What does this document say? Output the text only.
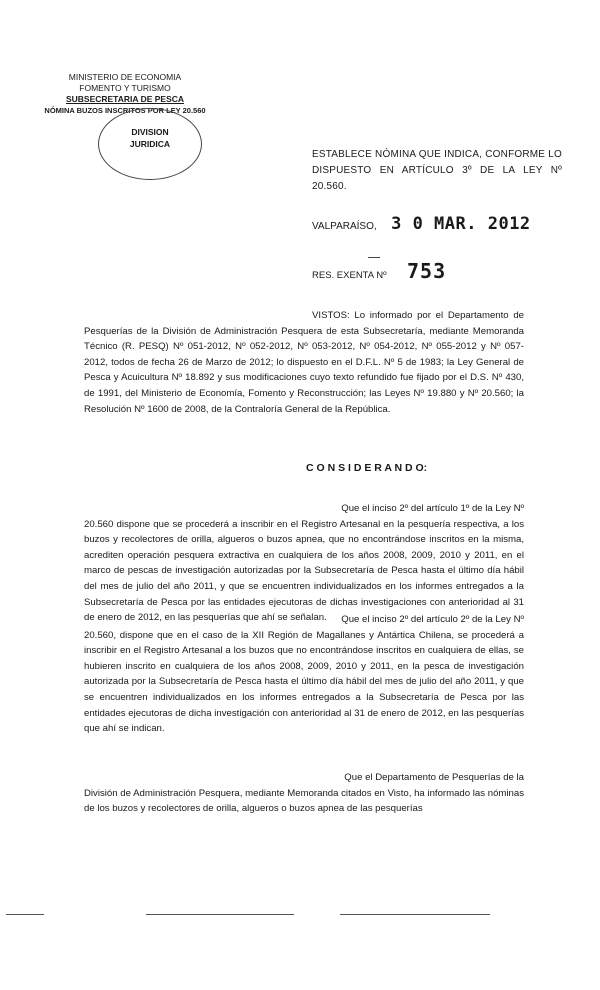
MINISTERIO DE ECONOMIA
FOMENTO Y TURISMO
SUBSECRETARIA DE PESCA
NÓMINA BUZOS INSCRITOS POR LEY 20.560
DIVISION
JURIDICA
ESTABLECE NÓMINA QUE INDICA, CONFORME LO DISPUESTO EN ARTÍCULO 3º DE LA LEY Nº 20.560.
VALPARAÍSO, 3 0 MAR. 2012
RES. EXENTA Nº 753
VISTOS: Lo informado por el Departamento de Pesquerías de la División de Administración Pesquera de esta Subsecretaría, mediante Memoranda Técnico (R. PESQ) Nº 051-2012, Nº 052-2012, Nº 053-2012, Nº 054-2012, Nº 055-2012 y Nº 057-2012, todos de fecha 26 de Marzo de 2012; lo dispuesto en el D.F.L. Nº 5 de 1983; la Ley General de Pesca y Acuicultura Nº 18.892 y sus modificaciones cuyo texto refundido fue fijado por el D.S. Nº 430, de 1991, del Ministerio de Economía, Fomento y Reconstrucción; las Leyes Nº 19.880 y Nº 20.560; la Resolución Nº 1600 de 2008, de la Contraloría General de la República.
C O N S I D E R A N D O:
Que el inciso 2º del artículo 1º de la Ley Nº
20.560 dispone que se procederá a inscribir en el Registro Artesanal en la pesquería respectiva, a los buzos y recolectores de orilla, algueros o buzos apnea, que no encontrándose inscritos en la misma, acrediten operación pesquera extractiva en cualquiera de los años 2008, 2009, 2010 y 2011, en el marco de pescas de investigación autorizadas por la Subsecretaría de Pesca hasta el último día hábil del mes de julio del año 2011, y que se encuentren individualizados en los informes entregados a la Subsecretaría de Pesca por las entidades ejecutoras de dichas investigaciones con anterioridad al 31 de enero de 2012, en las pesquerías que ahí se señalan.	Que el inciso 2º del artículo 2º de la Ley Nº
20.560, dispone que en el caso de la XII Región de Magallanes y Antártica Chilena, se procederá a inscribir en el Registro Artesanal a los buzos que no encontrándose inscritos en cualquiera de ellas, se hubieren inscrito en cualquiera de los años 2008, 2009, 2010 y 2011, en la pesca de investigación autorizada por la Subsecretaría de Pesca hasta el último día hábil del mes de julio del año 2011, y que se encuentren individualizados en los informes entregados a la Subsecretaría de Pesca por las entidades ejecutoras de dicha investigación con anterioridad al 31 de enero de 2012, en las pesquerías que ahí se indican.
Que el Departamento de Pesquerías de la
División de Administración Pesquera, mediante Memoranda citados en Visto, ha informado las nóminas de los buzos y recolectores de orilla, algueros o buzos apnea de las pesquerías
